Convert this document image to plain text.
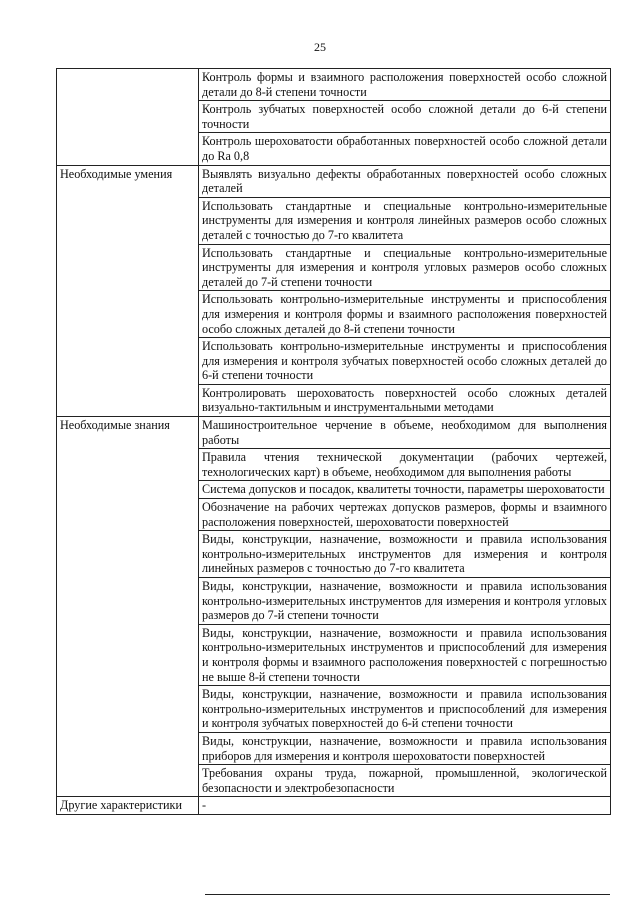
25
	Контроль формы и взаимного расположения поверхностей особо сложной детали до 8-й степени точности
	Контроль зубчатых поверхностей особо сложной детали до 6-й степени точности
	Контроль шероховатости обработанных поверхностей особо сложной детали до Ra 0,8
Необходимые умения	Выявлять визуально дефекты обработанных поверхностей особо сложных деталей
	Использовать стандартные и специальные контрольно-измерительные инструменты для измерения и контроля линейных размеров особо сложных деталей с точностью до 7-го квалитета
	Использовать стандартные и специальные контрольно-измерительные инструменты для измерения и контроля угловых размеров особо сложных деталей до 7-й степени точности
	Использовать контрольно-измерительные инструменты и приспособления для измерения и контроля формы и взаимного расположения поверхностей особо сложных деталей до 8-й степени точности
	Использовать контрольно-измерительные инструменты и приспособления для измерения и контроля зубчатых поверхностей особо сложных деталей до 6-й степени точности
	Контролировать шероховатость поверхностей особо сложных деталей визуально-тактильным и инструментальными методами
Необходимые знания	Машиностроительное черчение в объеме, необходимом для выполнения работы
	Правила чтения технической документации (рабочих чертежей, технологических карт) в объеме, необходимом для выполнения работы
	Система допусков и посадок, квалитеты точности, параметры шероховатости
	Обозначение на рабочих чертежах допусков размеров, формы и взаимного расположения поверхностей, шероховатости поверхностей
	Виды, конструкции, назначение, возможности и правила использования контрольно-измерительных инструментов для измерения и контроля линейных размеров с точностью до 7-го квалитета
	Виды, конструкции, назначение, возможности и правила использования контрольно-измерительных инструментов для измерения и контроля угловых размеров до 7-й степени точности
	Виды, конструкции, назначение, возможности и правила использования контрольно-измерительных инструментов и приспособлений для измерения и контроля формы и взаимного расположения поверхностей с погрешностью не выше 8-й степени точности
	Виды, конструкции, назначение, возможности и правила использования контрольно-измерительных инструментов и приспособлений для измерения и контроля зубчатых поверхностей до 6-й степени точности
	Виды, конструкции, назначение, возможности и правила использования приборов для измерения и контроля шероховатости поверхностей
	Требования охраны труда, пожарной, промышленной, экологической безопасности и электробезопасности
Другие характеристики	-
